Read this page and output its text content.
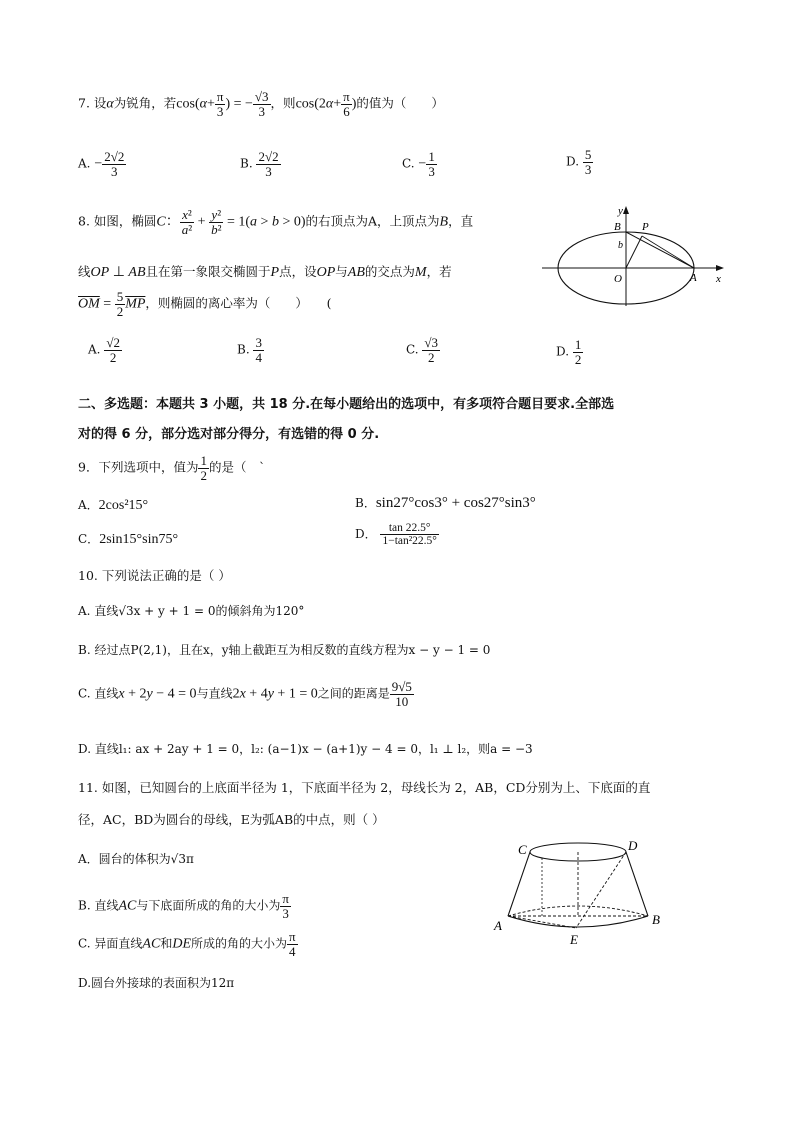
7. 设α为锐角，若$\cos(\alpha+ \frac{\pi}{3}$ ) = − $\frac{√3}{3}$ ，则$\cos(2\alpha+ \frac{\pi}{6}$ )的值为（　　）
A. − $\frac{2√2}{3}$	B. $\frac{2√2}{3}$	C. − $\frac{1}{3}$	D. $\frac{5}{3}$
8. 如图，椭圆C： $\frac{\text{x²}}{\text{a²}} + \frac{\text{y²}}{\text{b²}} = 1(a > b > 0)$的右顶点为A，上顶点为B，直
线OP ⊥ AB且在第一象限交椭圆于P点，设OP与AB的交点为M，若
$\overline{OM} = \frac{5}{2} \overline{MP}$，则椭圆的离心率为（　　）　　(
y
x
B P
b
O	A
A. $\frac{√2}{2}$	B. $\frac{3}{4}$	C. $\frac{√3}{2}$	D. $\frac{1}{2}$
二、多选题：本题共 3 小题，共 18 分.在每小题给出的选项中，有多项符合题目要求.全部选
对的得 6 分，部分选对部分得分，有选错的得 0 分.
9．下列选项中，值为 $\frac{1}{2}$ 的是（　`
A．2cos²15°	B．sin27°cos3° + cos27°sin3°
C．2sin15°sin75°	D． $\frac{\tan 22.5^\circ}{\text{1−tan²22.5°}}$
10. 下列说法正确的是（ ）
A. 直线√3x + y + 1 = 0的倾斜角为120°
B. 经过点P(2,1)，且在x，y轴上截距互为相反数的直线方程为x − y − 1 = 0
C. 直线x + 2y − 4 = 0与直线2x + 4y + 1 = 0之间的距离是 $\frac{9√5}{10}$
D. 直线l₁: ax + 2ay + 1 = 0，l₂: (a−1)x − (a+1)y − 4 = 0，l₁ ⊥ l₂，则a = −3
11. 如图，已知圆台的上底面半径为 1，下底面半径为 2，母线长为 2，AB，CD分别为上、下底面的直
径，AC，BD为圆台的母线，E为弧AB的中点，则（ ）
A．圆台的体积为√3π
B. 直线AC与下底面所成的角的大小为 $\frac{\pi}{3}$
C. 异面直线AC和DE所成的角的大小为 $\frac{\pi}{4}$
D.圆台外接球的表面积为12π
C	D
A	B
E
